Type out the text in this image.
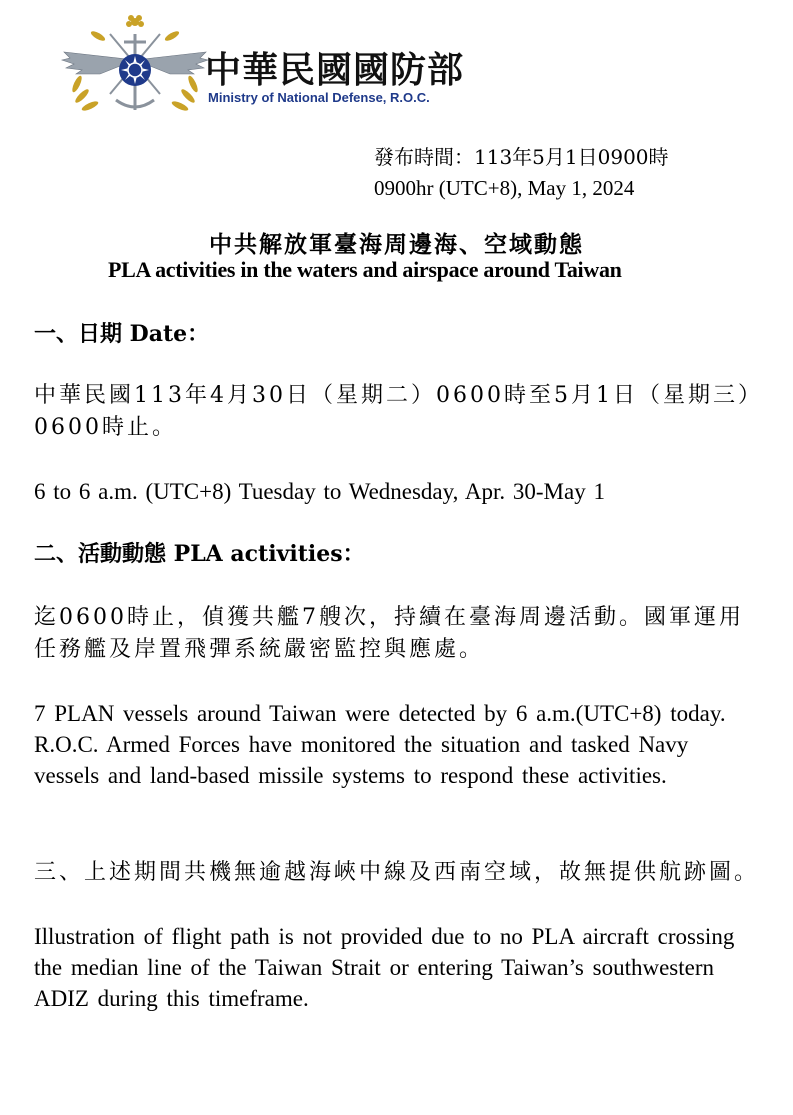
中華民國國防部
Ministry of National Defense, R.O.C.
發布時間：113年5月1日0900時
0900hr (UTC+8), May 1, 2024
中共解放軍臺海周邊海、空域動態
PLA activities in the waters and airspace around Taiwan
一、日期 Date：
中華民國113年4月30日（星期二）0600時至5月1日（星期三）0600時止。
6 to 6 a.m. (UTC+8) Tuesday to Wednesday, Apr. 30-May 1
二、活動動態 PLA activities：
迄0600時止，偵獲共艦7艘次，持續在臺海周邊活動。國軍運用任務艦及岸置飛彈系統嚴密監控與應處。
7 PLAN vessels around Taiwan were detected by 6 a.m.(UTC+8) today. R.O.C. Armed Forces have monitored the situation and tasked Navy vessels and land-based missile systems to respond these activities.
三、上述期間共機無逾越海峽中線及西南空域，故無提供航跡圖。
Illustration of flight path is not provided due to no PLA aircraft crossing the median line of the Taiwan Strait or entering Taiwan’s southwestern ADIZ during this timeframe.
